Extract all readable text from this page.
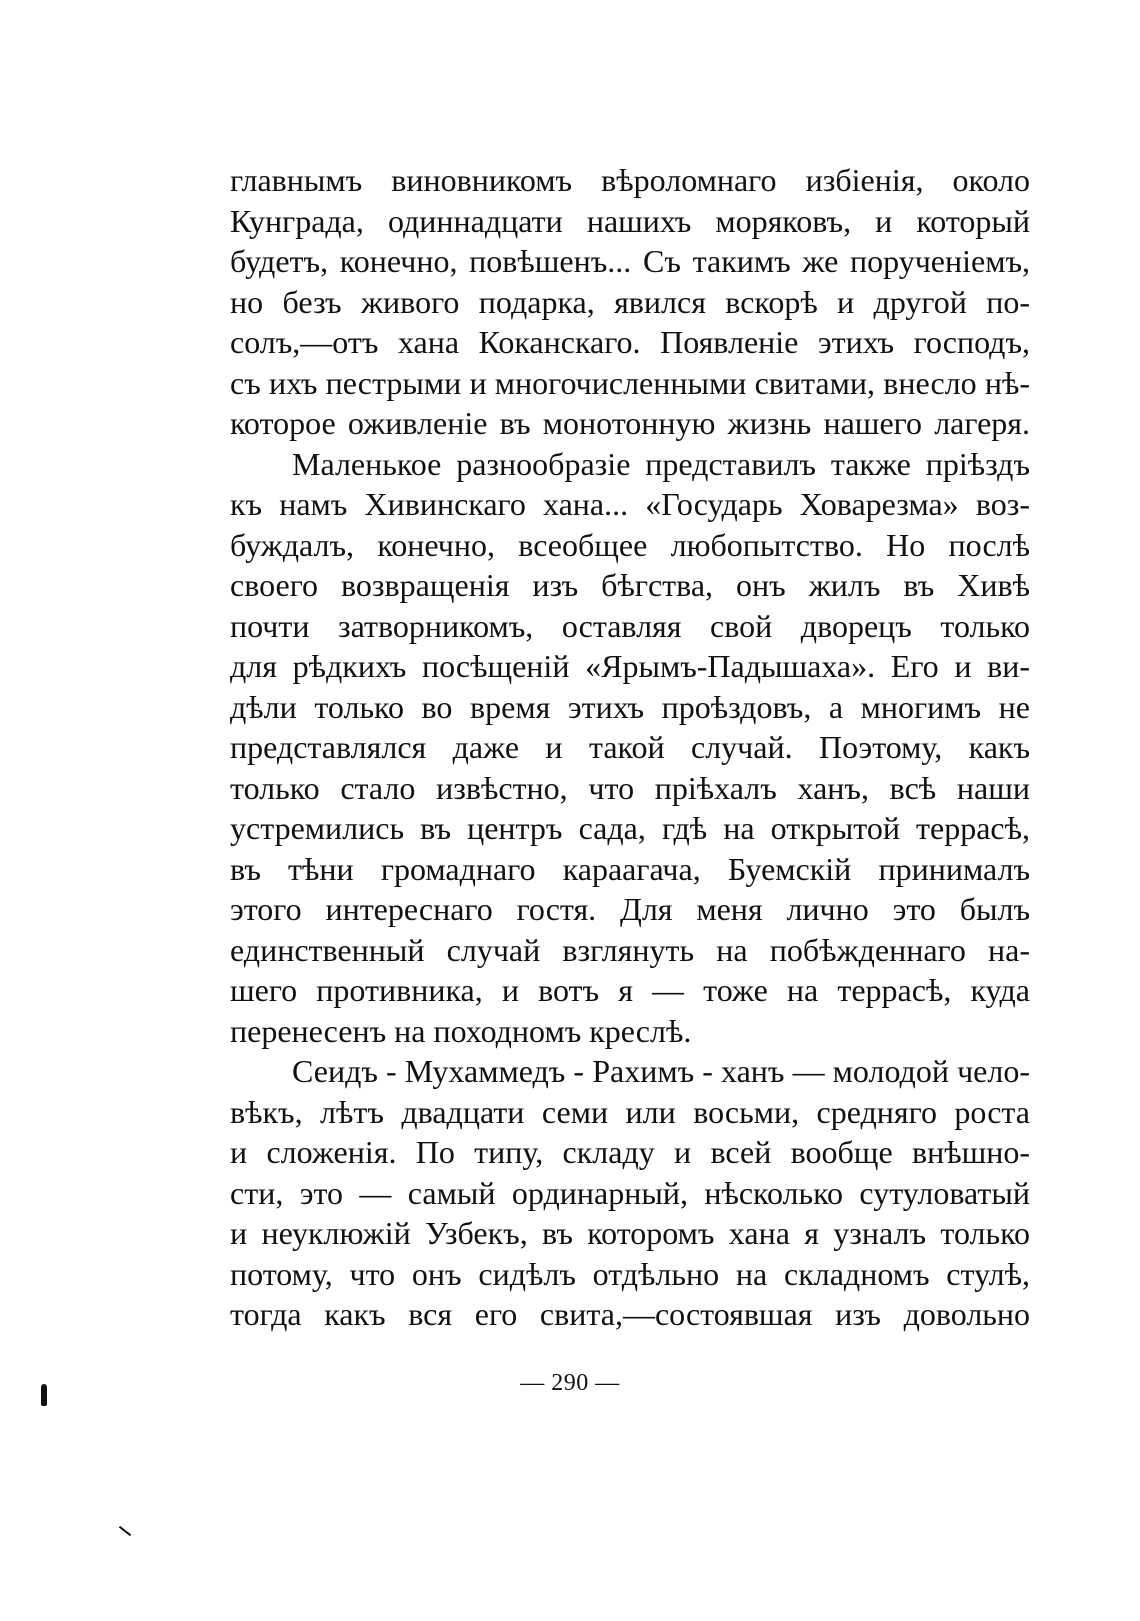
главнымъ виновникомъ вѣроломнаго избіенія, около
Кунграда, одиннадцати нашихъ моряковъ, и который
будетъ, конечно, повѣшенъ... Съ такимъ же порученіемъ,
но безъ живого подарка, явился вскорѣ и другой по-
солъ,—отъ хана Коканскаго. Появленіе этихъ господъ,
съ ихъ пестрыми и многочисленными свитами, внесло нѣ-
которое оживленіе въ монотонную жизнь нашего лагеря.
Маленькое разнообразіе представилъ также пріѣздъ
къ намъ Хивинскаго хана... «Государь Ховарезма» воз-
буждалъ, конечно, всеобщее любопытство. Но послѣ
своего возвращенія изъ бѣгства, онъ жилъ въ Хивѣ
почти затворникомъ, оставляя свой дворецъ только
для рѣдкихъ посѣщеній «Ярымъ-Падышаха». Его и ви-
дѣли только во время этихъ проѣздовъ, а многимъ не
представлялся даже и такой случай. Поэтому, какъ
только стало извѣстно, что пріѣхалъ ханъ, всѣ наши
устремились въ центръ сада, гдѣ на открытой террасѣ,
въ тѣни громаднаго караагача, Буемскій принималъ
этого интереснаго гостя. Для меня лично это былъ
единственный случай взглянуть на побѣжденнаго на-
шего противника, и вотъ я — тоже на террасѣ, куда
перенесенъ на походномъ креслѣ.
Сеидъ - Мухаммедъ - Рахимъ - ханъ — молодой чело-
вѣкъ, лѣтъ двадцати семи или восьми, средняго роста
и сложенія. По типу, складу и всей вообще внѣшно-
сти, это — самый ординарный, нѣсколько сутуловатый
и неуклюжій Узбекъ, въ которомъ хана я узналъ только
потому, что онъ сидѣлъ отдѣльно на складномъ стулѣ,
тогда какъ вся его свита,—состоявшая изъ довольно
— 290 —
